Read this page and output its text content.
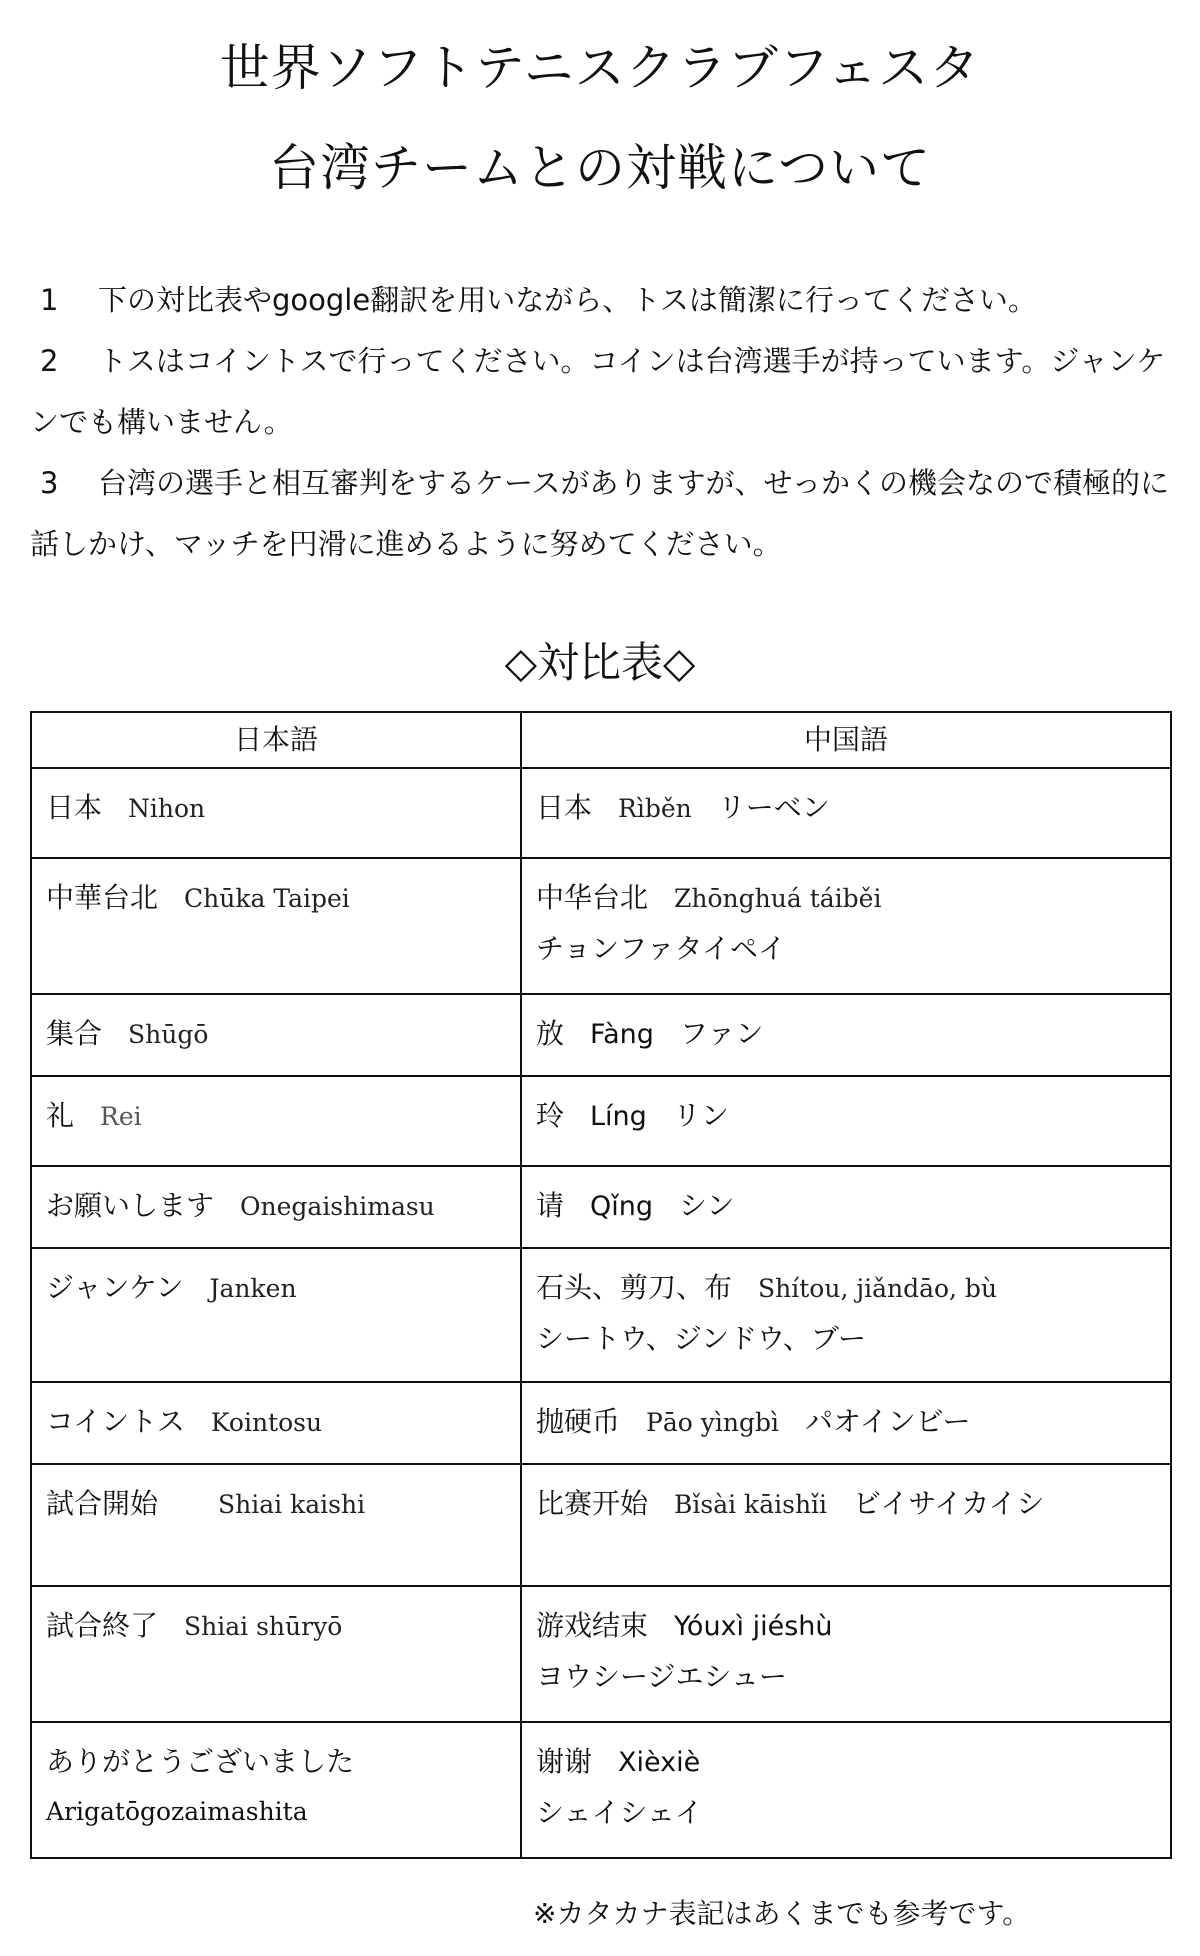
世界ソフトテニスクラブフェスタ
台湾チームとの対戦について

1 下の対比表やgoogle翻訳を用いながら、トスは簡潔に行ってください。

2 トスはコイントスで行ってください。コインは台湾選手が持っています。ジャンケンでも構いません。

3 台湾の選手と相互審判をするケースがありますが、せっかくの機会なので積極的に話しかけ、マッチを円滑に進めるように努めてください。

◇対比表◇
日本語	中国語
日本 Nihon	日本 Rìběn リーベン
中華台北 Chūka Taipei	中华台北 Zhōnghuá táiběi
チョンファタイペイ

集合 Shūgō	放 Fàng ファン
礼 Rei	玲 Líng リン
お願いします Onegaishimasu	请 Qǐng シン
ジャンケン Janken	石头、剪刀、布 Shítou, jiǎndāo, bù
シートウ、ジンドウ、ブー

コイントス Kointosu	抛硬币 Pāo yìngbì パオインビー
試合開始 Shiai kaishi	比赛开始 Bǐsài kāishǐi ビイサイカイシ
試合終了 Shiai shūryō	游戏结束 Yóuxì jiéshù
ヨウシージエシュー

ありがとうございました
Arigatōgozaimashita	谢谢 Xièxiè
シェイシェイ
※カタカナ表記はあくまでも参考です。
